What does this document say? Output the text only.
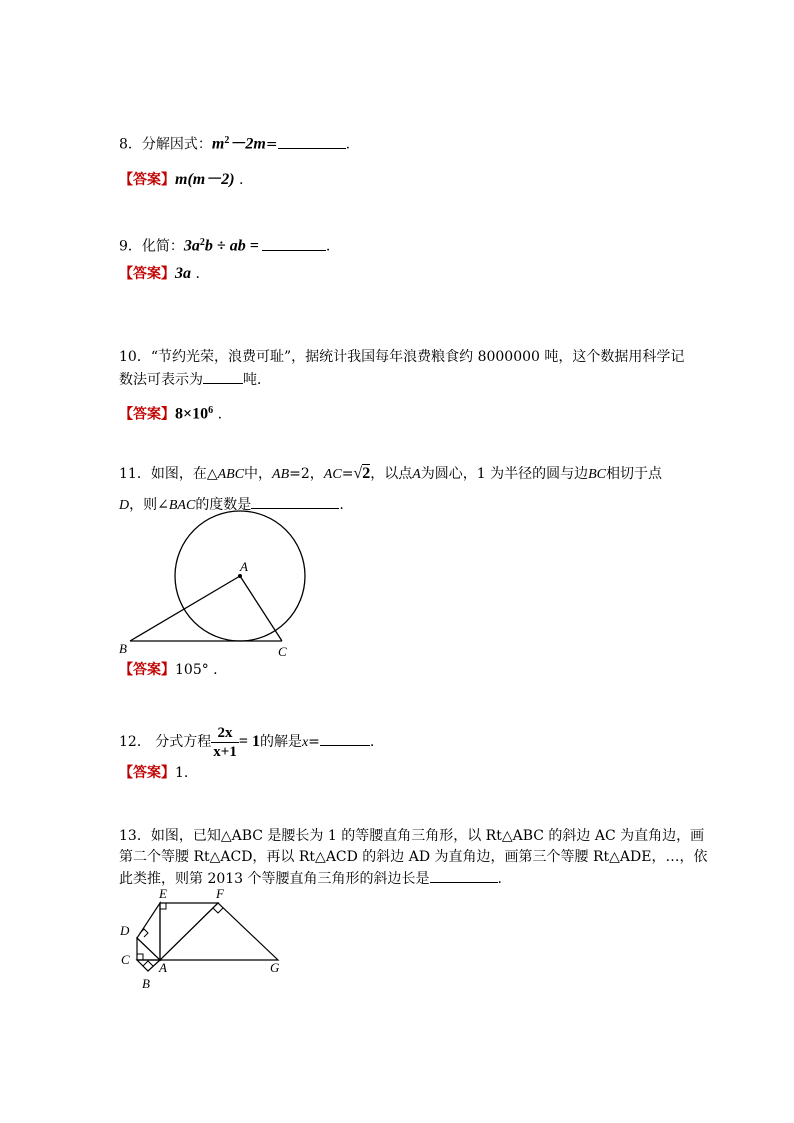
8．分解因式：$m^2-2m=$	.
【答案】m(m－2) .
9．化简：$3a^2b$ ÷ ab =	.
【答案】3a .
10．“节约光荣，浪费可耻”，据统计我国每年浪费粮食约 8000000 吨，这个数据用科学记
数法可表示为	吨．
【答案】$8\times 10^6$ .
11．如图，在△ABC中，AB=2，AC=√2，以点A为圆心，1 为半径的圆与边BC相切于点
D，则∠BAC的度数是	.
A
B	C
【答案】105° .
12． 分式方程 $\frac{2x}{x+1} = 1$的解是x=	.
【答案】1.
13．如图，已知△ABC 是腰长为 1 的等腰直角三角形，以 Rt△ABC 的斜边 AC 为直角边，画
第二个等腰 Rt△ACD，再以 Rt△ACD 的斜边 AD 为直角边，画第三个等腰 Rt△ADE，…，依
此类推，则第 2013 个等腰直角三角形的斜边长是	.
A
B
C
D
E	F
G
